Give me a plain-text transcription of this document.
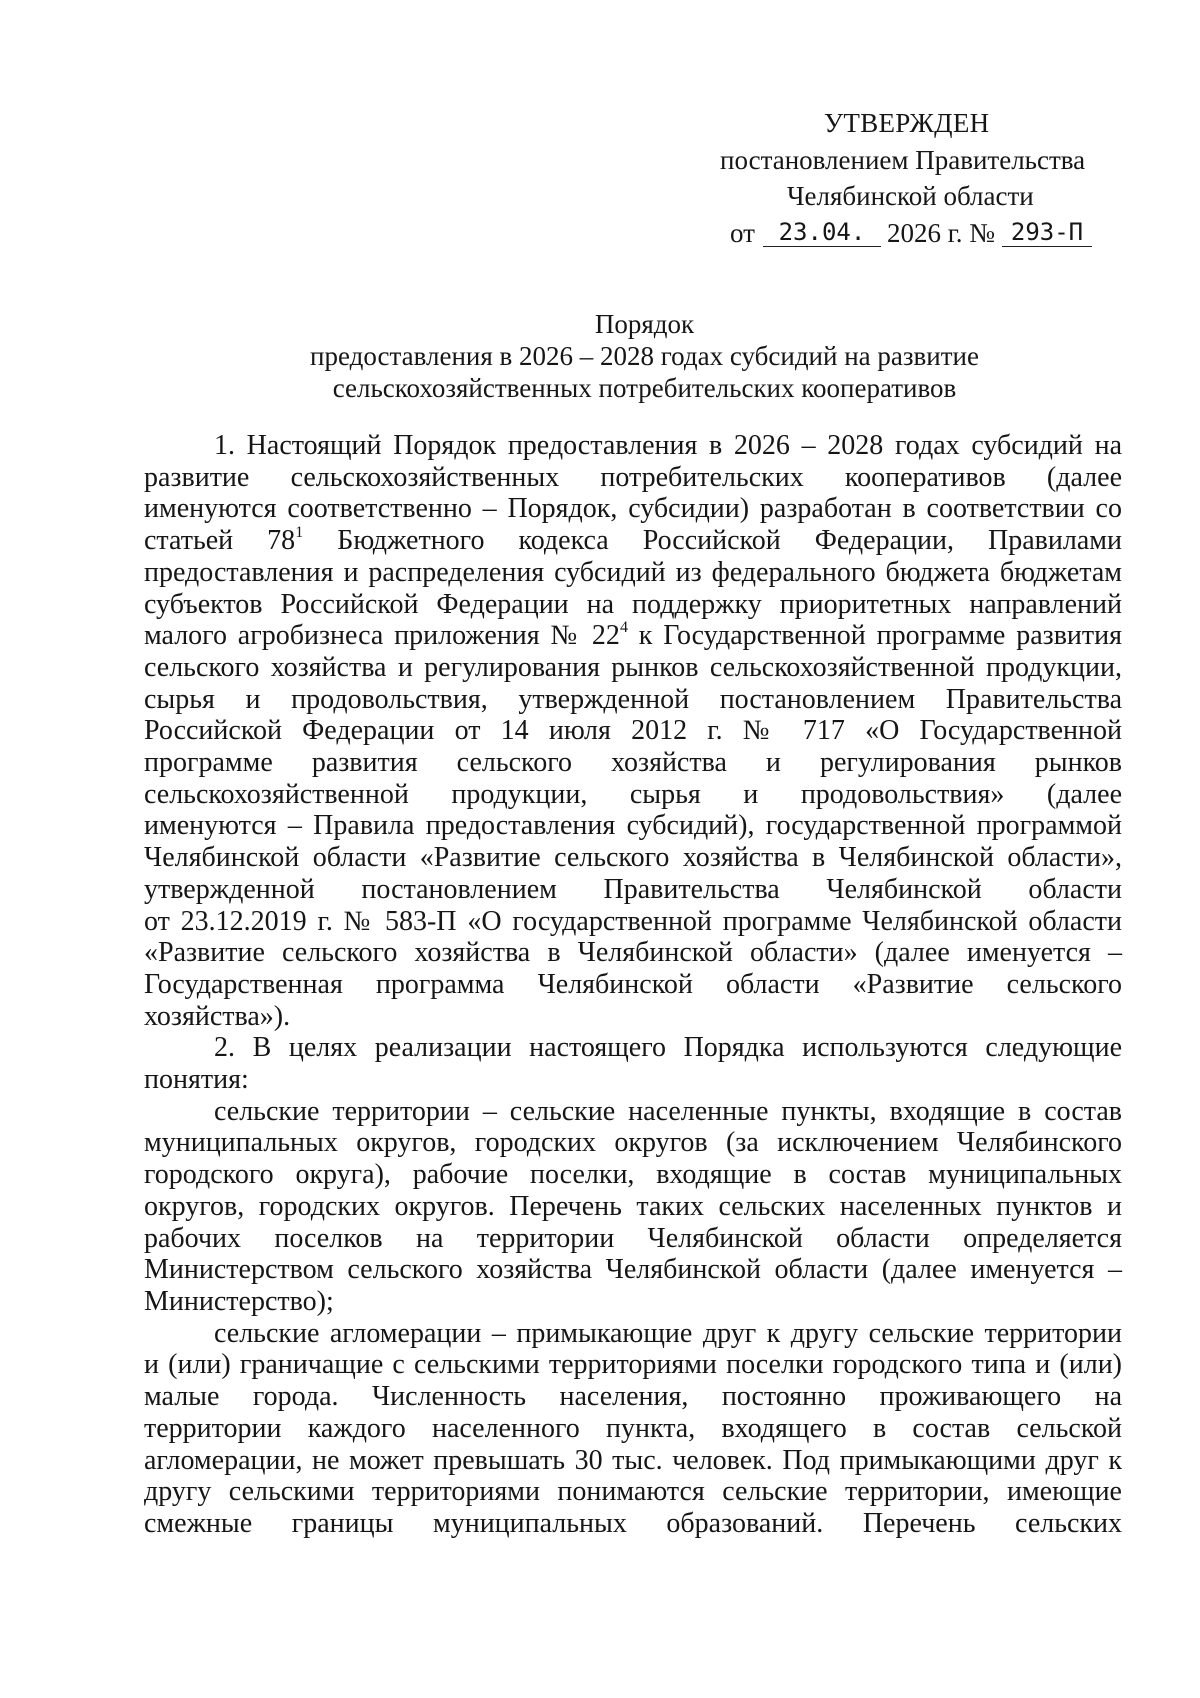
УТВЕРЖДЕН
постановлением Правительства
Челябинской области
от 23.04. 2026 г. № 293-П
Порядок
предоставления в 2026 – 2028 годах субсидий на развитие
сельскохозяйственных потребительских кооперативов

1. Настоящий Порядок предоставления в 2026 – 2028 годах субсидий на
развитие сельскохозяйственных потребительских кооперативов (далее
именуются соответственно – Порядок, субсидии) разработан в соответствии со
статьей $78^1$ Бюджетного кодекса Российской Федерации, Правилами
предоставления и распределения субсидий из федерального бюджета бюджетам
субъектов Российской Федерации на поддержку приоритетных направлений
малого агробизнеса приложения № $22^4$ к Государственной программе развития
сельского хозяйства и регулирования рынков сельскохозяйственной продукции,
сырья и продовольствия, утвержденной постановлением Правительства
Российской Федерации от 14 июля 2012 г. № 717 «О Государственной
программе развития сельского хозяйства и регулирования рынков
сельскохозяйственной продукции, сырья и продовольствия» (далее
именуются – Правила предоставления субсидий), государственной программой
Челябинской области «Развитие сельского хозяйства в Челябинской области»,
утвержденной постановлением Правительства Челябинской области
от 23.12.2019 г. № 583-П «О государственной программе Челябинской области
«Развитие сельского хозяйства в Челябинской области» (далее именуется –
Государственная программа Челябинской области «Развитие сельского
хозяйства»).

2. В целях реализации настоящего Порядка используются следующие
понятия:

сельские территории – сельские населенные пункты, входящие в состав
муниципальных округов, городских округов (за исключением Челябинского
городского округа), рабочие поселки, входящие в состав муниципальных
округов, городских округов. Перечень таких сельских населенных пунктов и
рабочих поселков на территории Челябинской области определяется
Министерством сельского хозяйства Челябинской области (далее именуется –
Министерство);

сельские агломерации – примыкающие друг к другу сельские территории
и (или) граничащие с сельскими территориями поселки городского типа и (или)
малые города. Численность населения, постоянно проживающего на
территории каждого населенного пункта, входящего в состав сельской
агломерации, не может превышать 30 тыс. человек. Под примыкающими друг к
другу сельскими территориями понимаются сельские территории, имеющие
смежные границы муниципальных образований. Перечень сельских
